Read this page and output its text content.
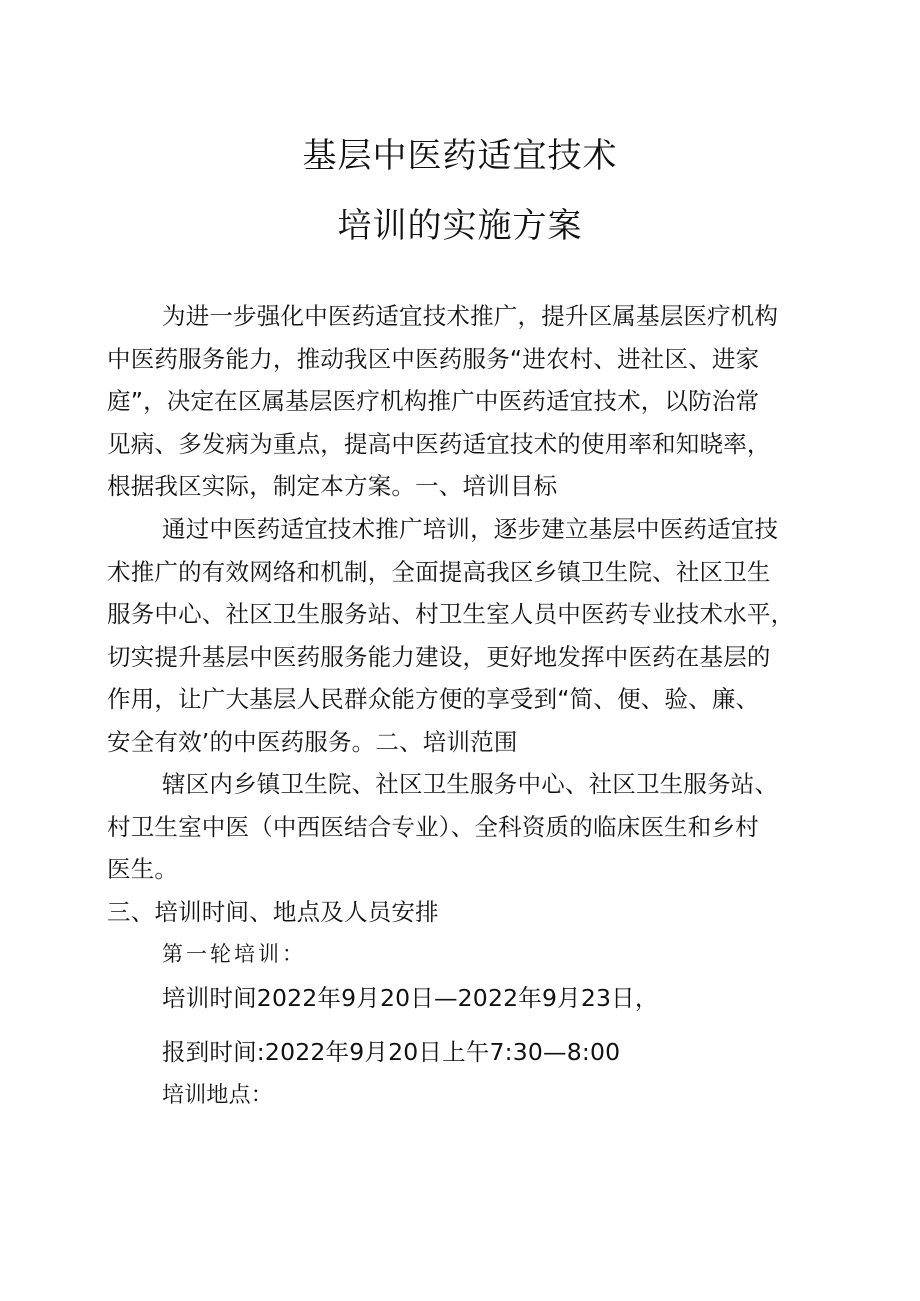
基层中医药适宜技术
培训的实施方案
为进一步强化中医药适宜技术推广，提升区属基层医疗机构
中医药服务能力，推动我区中医药服务“进农村、进社区、进家
庭”，决定在区属基层医疗机构推广中医药适宜技术，以防治常
见病、多发病为重点，提高中医药适宜技术的使用率和知晓率，
根据我区实际，制定本方案。一、培训目标
通过中医药适宜技术推广培训，逐步建立基层中医药适宜技
术推广的有效网络和机制，全面提高我区乡镇卫生院、社区卫生
服务中心、社区卫生服务站、村卫生室人员中医药专业技术水平，
切实提升基层中医药服务能力建设，更好地发挥中医药在基层的
作用，让广大基层人民群众能方便的享受到“简、便、验、廉、
安全有效’的中医药服务。二、培训范围
辖区内乡镇卫生院、社区卫生服务中心、社区卫生服务站、
村卫生室中医（中西医结合专业）、全科资质的临床医生和乡村
医生。
三、培训时间、地点及人员安排
第一轮培训：
培训时间2022年9月20日—2022年9月23日，
报到时间:2022年9月20日上午7:30—8:00
培训地点：
